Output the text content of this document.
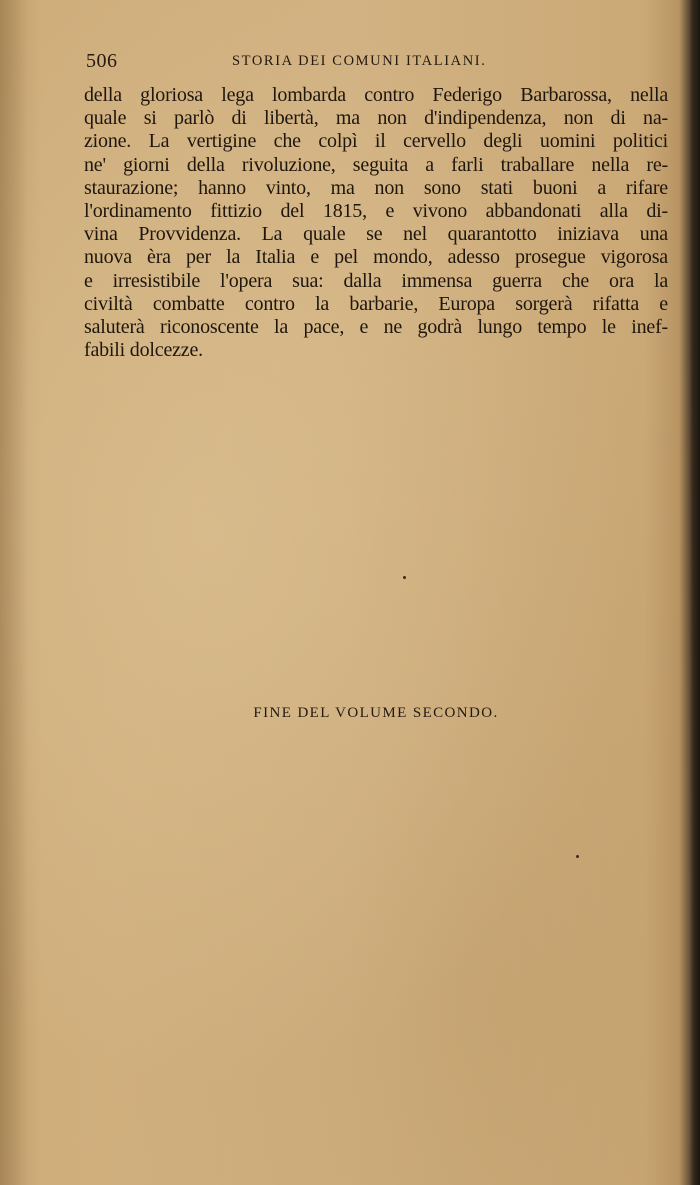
506	STORIA DEI COMUNI ITALIANI.
della gloriosa lega lombarda contro Federigo Barbarossa, nella
quale si parlò di libertà, ma non d'indipendenza, non di na-
zione. La vertigine che colpì il cervello degli uomini politici
ne' giorni della rivoluzione, seguita a farli traballare nella re-
staurazione; hanno vinto, ma non sono stati buoni a rifare
l'ordinamento fittizio del 1815, e vivono abbandonati alla di-
vina Provvidenza. La quale se nel quarantotto iniziava una
nuova èra per la Italia e pel mondo, adesso prosegue vigorosa
e irresistibile l'opera sua: dalla immensa guerra che ora la
civiltà combatte contro la barbarie, Europa sorgerà rifatta e
saluterà riconoscente la pace, e ne godrà lungo tempo le inef-
fabili dolcezze.
FINE DEL VOLUME SECONDO.
